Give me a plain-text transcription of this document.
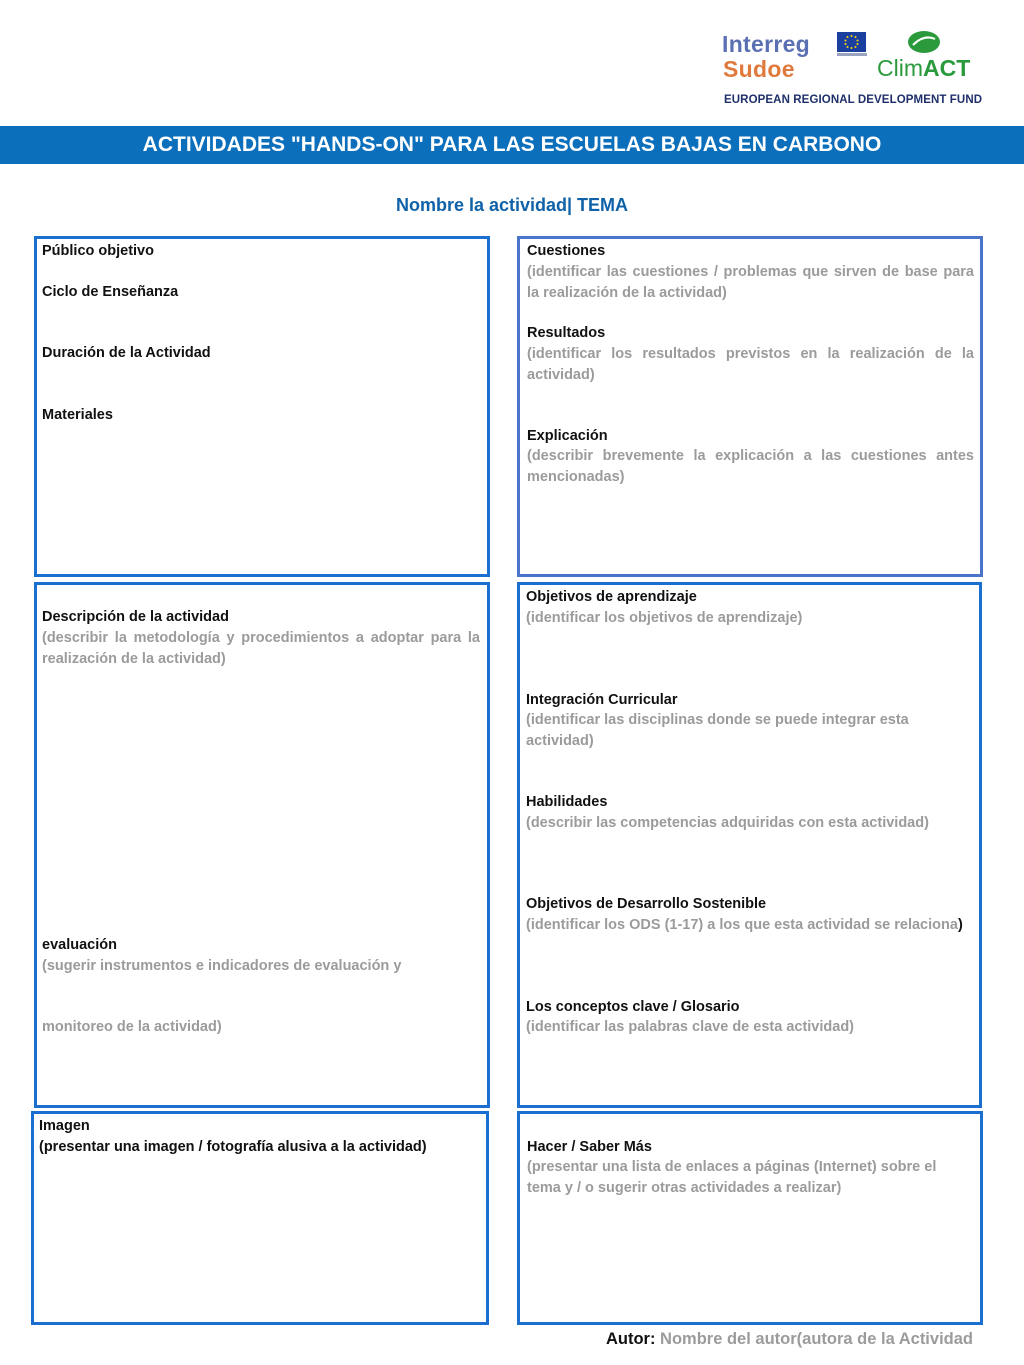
Interreg
Sudoe	ClimACT
EUROPEAN REGIONAL DEVELOPMENT FUND
ACTIVIDADES "HANDS-ON" PARA LAS ESCUELAS BAJAS EN CARBONO
Nombre la actividad| TEMA
Público objetivo
Ciclo de Enseñanza
Duración de la Actividad
Materiales
Cuestiones
(identificar las cuestiones / problemas que sirven de base para la realización de la actividad)
Resultados
(identificar los resultados previstos en la realización de la actividad)
Explicación
(describir brevemente la explicación a las cuestiones antes mencionadas)
Descripción de la actividad
(describir la metodología y procedimientos a adoptar para la realización de la actividad)
evaluación
(sugerir instrumentos e indicadores de evaluación y
monitoreo de la actividad)
Objetivos de aprendizaje
(identificar los objetivos de aprendizaje)
Integración Curricular
(identificar las disciplinas donde se puede integrar esta actividad)
Habilidades
(describir las competencias adquiridas con esta actividad)
Objetivos de Desarrollo Sostenible
(identificar los ODS (1-17) a los que esta actividad se relaciona)
Los conceptos clave / Glosario
(identificar las palabras clave de esta actividad)
Imagen
(presentar una imagen / fotografía alusiva a la actividad)	Hacer / Saber Más
(presentar una lista de enlaces a páginas (Internet) sobre el tema y / o sugerir otras actividades a realizar)
Autor: Nombre del autor(autora de la Actividad
